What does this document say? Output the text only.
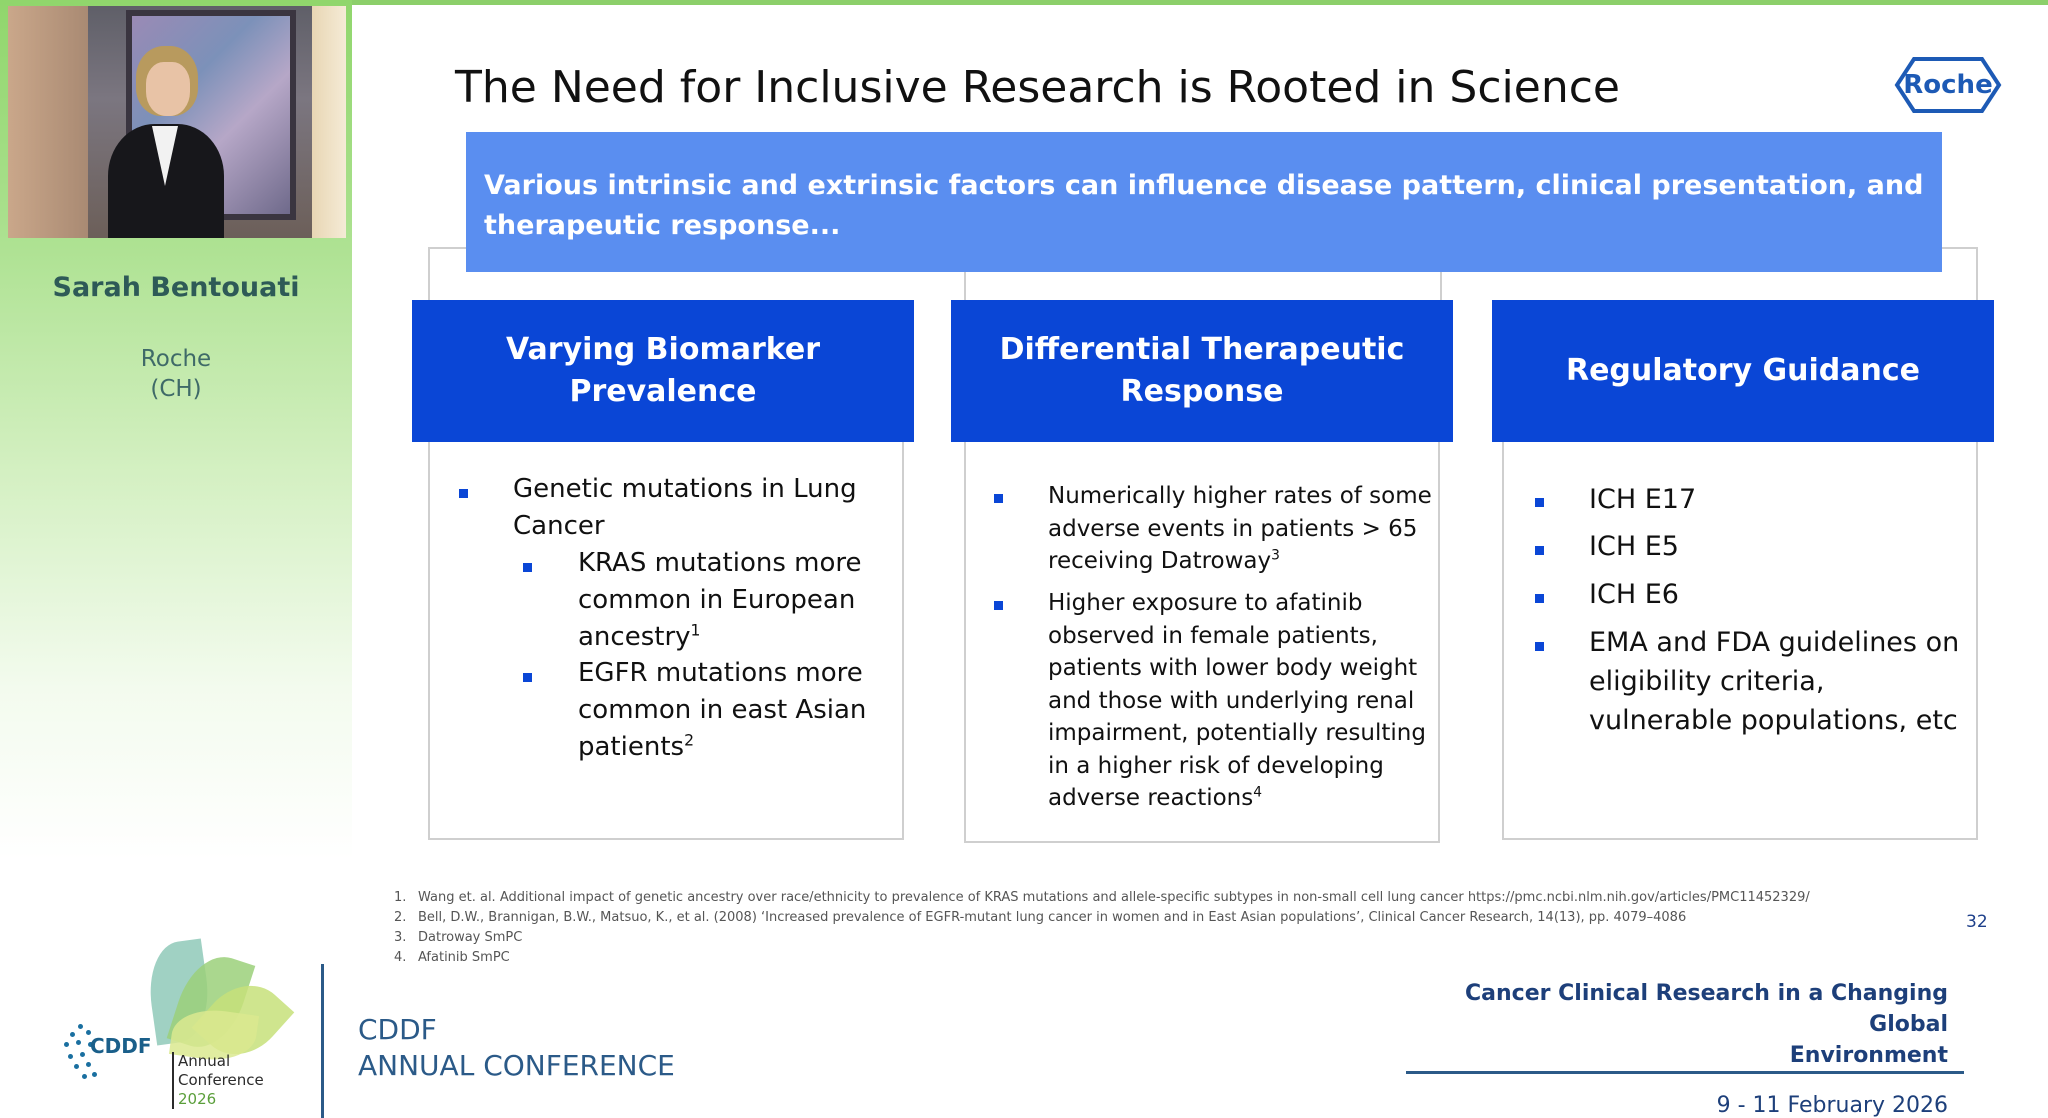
Sarah Bentouati
Roche
(CH)
The Need for Inclusive Research is Rooted in Science	Roche

Various intrinsic and extrinsic factors can influence disease pattern, clinical presentation, and therapeutic response...

Varying Biomarker Prevalence
Genetic mutations in Lung Cancer
KRAS mutations more common in European ancestry$^1$
EGFR mutations more common in east Asian patients$^2$
Differential Therapeutic
Response
Numerically higher rates of some adverse events in patients > 65 receiving Datroway$^3$
Higher exposure to afatinib observed in female patients, patients with lower body weight and those with underlying renal impairment, potentially resulting in a higher risk of developing adverse reactions$^4$
Regulatory Guidance
ICH E17
ICH E5
ICH E6
EMA and FDA guidelines on eligibility criteria, vulnerable populations, etc
1. Wang et. al. Additional impact of genetic ancestry over race/ethnicity to prevalence of KRAS mutations and allele-specific subtypes in non-small cell lung cancer https://pmc.ncbi.nlm.nih.gov/articles/PMC11452329/
2. Bell, D.W., Brannigan, B.W., Matsuo, K., et al. (2008) ‘Increased prevalence of EGFR-mutant lung cancer in women and in East Asian populations’, Clinical Cancer Research, 14(13), pp. 4079–4086
3. Datroway SmPC
4. Afatinib SmPC
32
CDDF
Annual
Conference
2026
CDDF
ANNUAL CONFERENCE
Cancer Clinical Research in a Changing Global
Environment
9 - 11 February 2026
